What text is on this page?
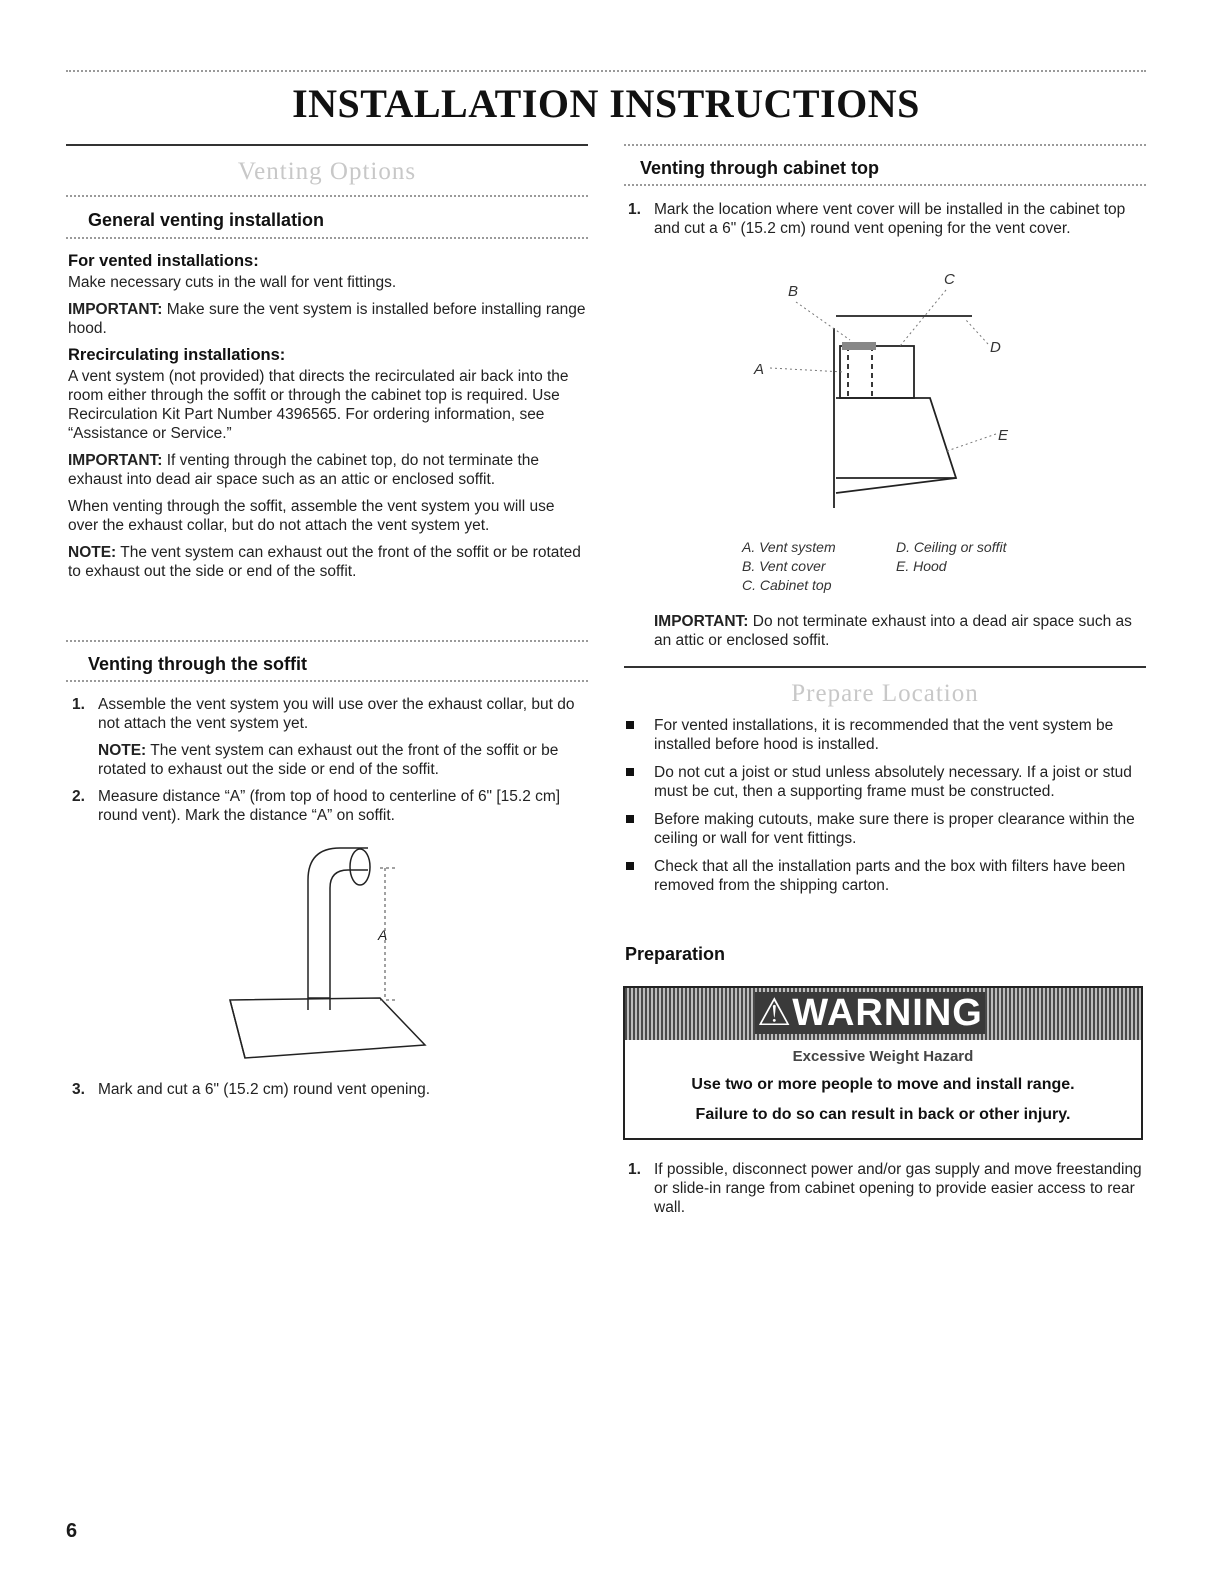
INSTALLATION INSTRUCTIONS
Venting Options
General venting installation

For vented installations:

Make necessary cuts in the wall for vent fittings.

IMPORTANT: Make sure the vent system is installed before installing range hood.

Rrecirculating installations:

A vent system (not provided) that directs the recirculated air back into the room either through the soffit or through the cabinet top is required. Use Recirculation Kit Part Number 4396565. For ordering information, see “Assistance or Service.”

IMPORTANT: If venting through the cabinet top, do not terminate the exhaust into dead air space such as an attic or enclosed soffit.

When venting through the soffit, assemble the vent system you will use over the exhaust collar, but do not attach the vent system yet.

NOTE: The vent system can exhaust out the front of the soffit or be rotated to exhaust out the side or end of the soffit.

Venting through the soffit
1. Assemble the vent system you will use over the exhaust collar, but do not attach the vent system yet.

NOTE: The vent system can exhaust out the front of the soffit or be rotated to exhaust out the side or end of the soffit.

2. Measure distance “A” (from top of hood to centerline of 6" [15.2 cm] round vent). Mark the distance “A” on soffit.

A
3. Mark and cut a 6" (15.2 cm) round vent opening.

Venting through cabinet top
1. Mark the location where vent cover will be installed in the cabinet top and cut a 6" (15.2 cm) round vent opening for the vent cover.

B
C
A
D
E
A. Vent system
B. Vent cover
C. Cabinet top
D. Ceiling or soffit
E. Hood

IMPORTANT: Do not terminate exhaust into a dead air space such as an attic or enclosed soffit.

Prepare Location
For vented installations, it is recommended that the vent system be installed before hood is installed.
Do not cut a joist or stud unless absolutely necessary. If a joist or stud must be cut, then a supporting frame must be constructed.
Before making cutouts, make sure there is proper clearance within the ceiling or wall for vent fittings.
Check that all the installation parts and the box with filters have been removed from the shipping carton.
Preparation
⚠WARNING
Excessive Weight Hazard
Use two or more people to move and install range.
Failure to do so can result in back or other injury.
1. If possible, disconnect power and/or gas supply and move freestanding or slide-in range from cabinet opening to provide easier access to rear wall.

6
